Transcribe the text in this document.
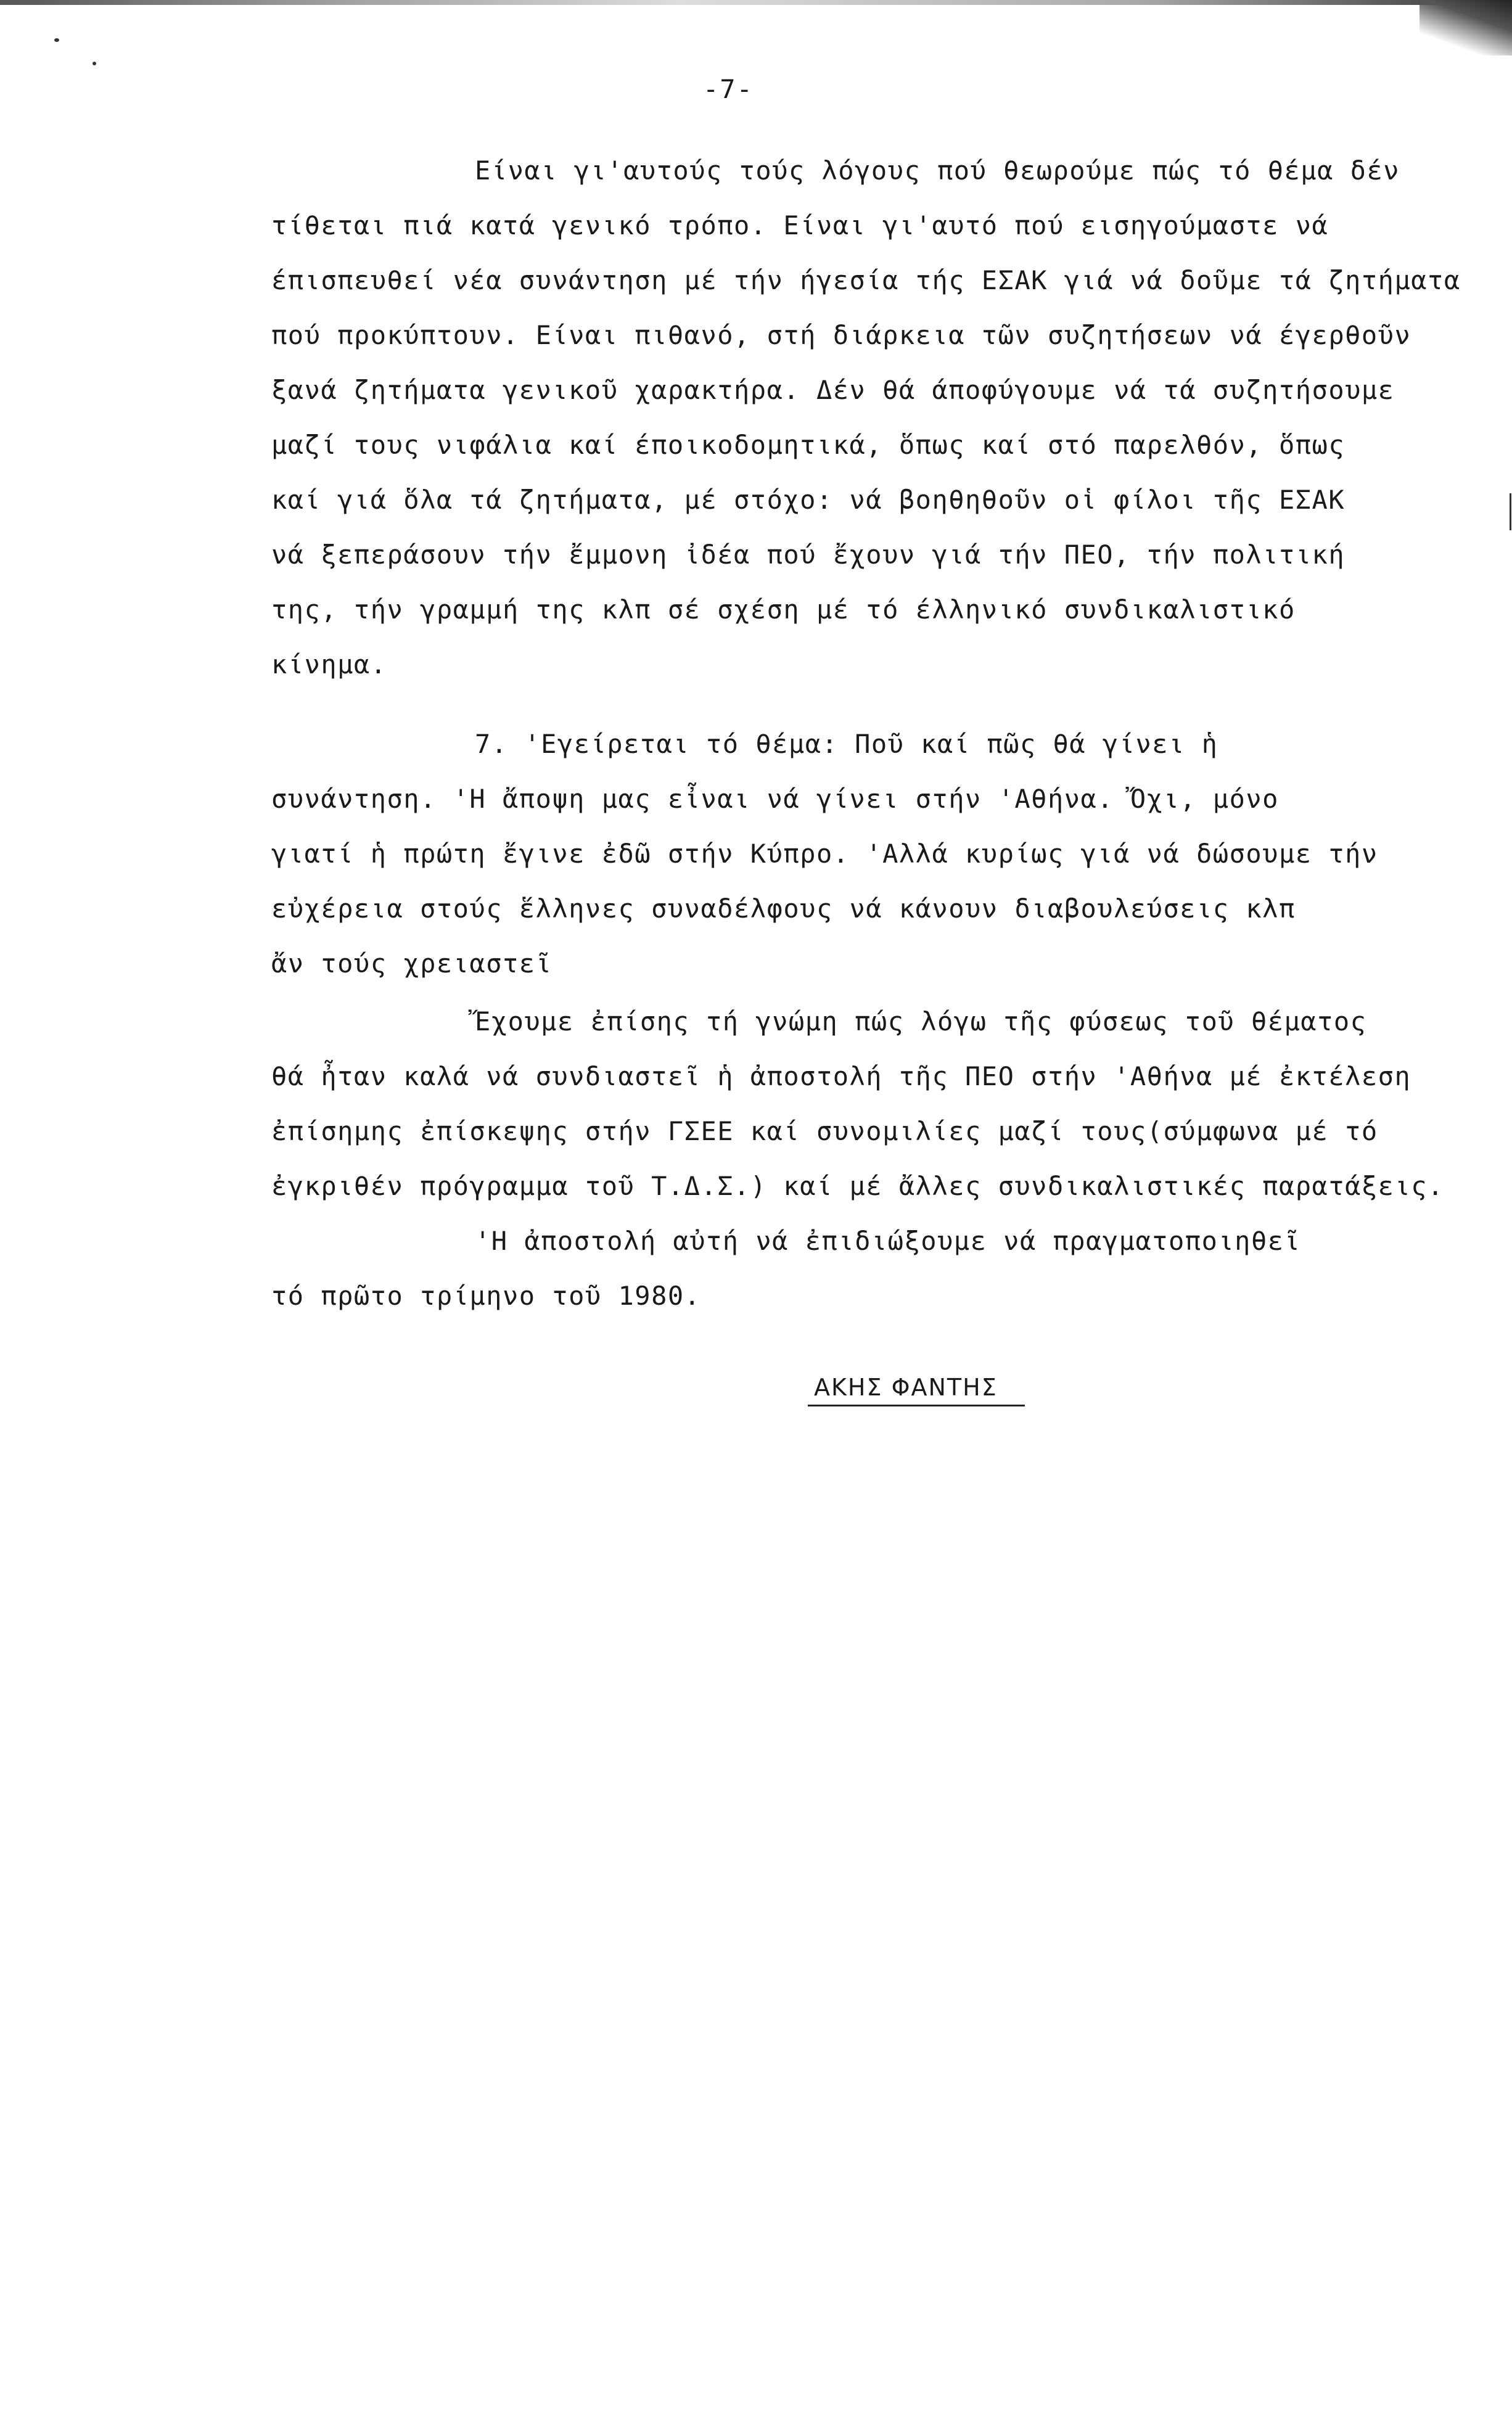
-7-
Είναι γι'αυτούς τούς λόγους πού θεωρούμε πώς τό θέμα δέν
τίθεται πιά κατά γενικό τρόπο. Είναι γι'αυτό πού εισηγούμαστε νά
έπισπευθεί νέα συνάντηση μέ τήν ήγεσία τής ΕΣΑΚ γιά νά δοῦμε τά ζητήματα
πού προκύπτουν. Είναι πιθανό, στή διάρκεια τῶν συζητήσεων νά έγερθοῦν
ξανά ζητήματα γενικοῦ χαρακτήρα. Δέν θά άποφύγουμε νά τά συζητήσουμε
μαζί τους νιφάλια καί έποικοδομητικά, ὅπως καί στό παρελθόν, ὅπως
καί γιά ὅλα τά ζητήματα, μέ στόχο: νά βοηθηθοῦν οἱ φίλοι τῆς ΕΣΑΚ
νά ξεπεράσουν τήν ἔμμονη ἰδέα πού ἔχουν γιά τήν ΠΕΟ, τήν πολιτική
της, τήν γραμμή της κλπ σέ σχέση μέ τό έλληνικό συνδικαλιστικό
κίνημα.
7. 'Εγείρεται τό θέμα: Ποῦ καί πῶς θά γίνει ἡ
συνάντηση. 'Η ἄποψη μας εἶναι νά γίνει στήν 'Αθήνα. Ὄχι, μόνο
γιατί ἡ πρώτη ἔγινε ἐδῶ στήν Κύπρο. 'Αλλά κυρίως γιά νά δώσουμε τήν
εὐχέρεια στούς ἕλληνες συναδέλφους νά κάνουν διαβουλεύσεις κλπ
ἄν τούς χρειαστεῖ
Ἔχουμε ἐπίσης τή γνώμη πώς λόγω τῆς φύσεως τοῦ θέματος
θά ἦταν καλά νά συνδιαστεῖ ἡ ἀποστολή τῆς ΠΕΟ στήν 'Αθήνα μέ ἐκτέλεση
ἐπίσημης ἐπίσκεψης στήν ΓΣΕΕ καί συνομιλίες μαζί τους(σύμφωνα μέ τό
ἐγκριθέν πρόγραμμα τοῦ Τ.Δ.Σ.) καί μέ ἄλλες συνδικαλιστικές παρατάξεις.
'Η ἀποστολή αὐτή νά ἐπιδιώξουμε νά πραγματοποιηθεῖ
τό πρῶτο τρίμηνο τοῦ 1980.
ΑΚΗΣ ΦΑΝΤΗΣ
